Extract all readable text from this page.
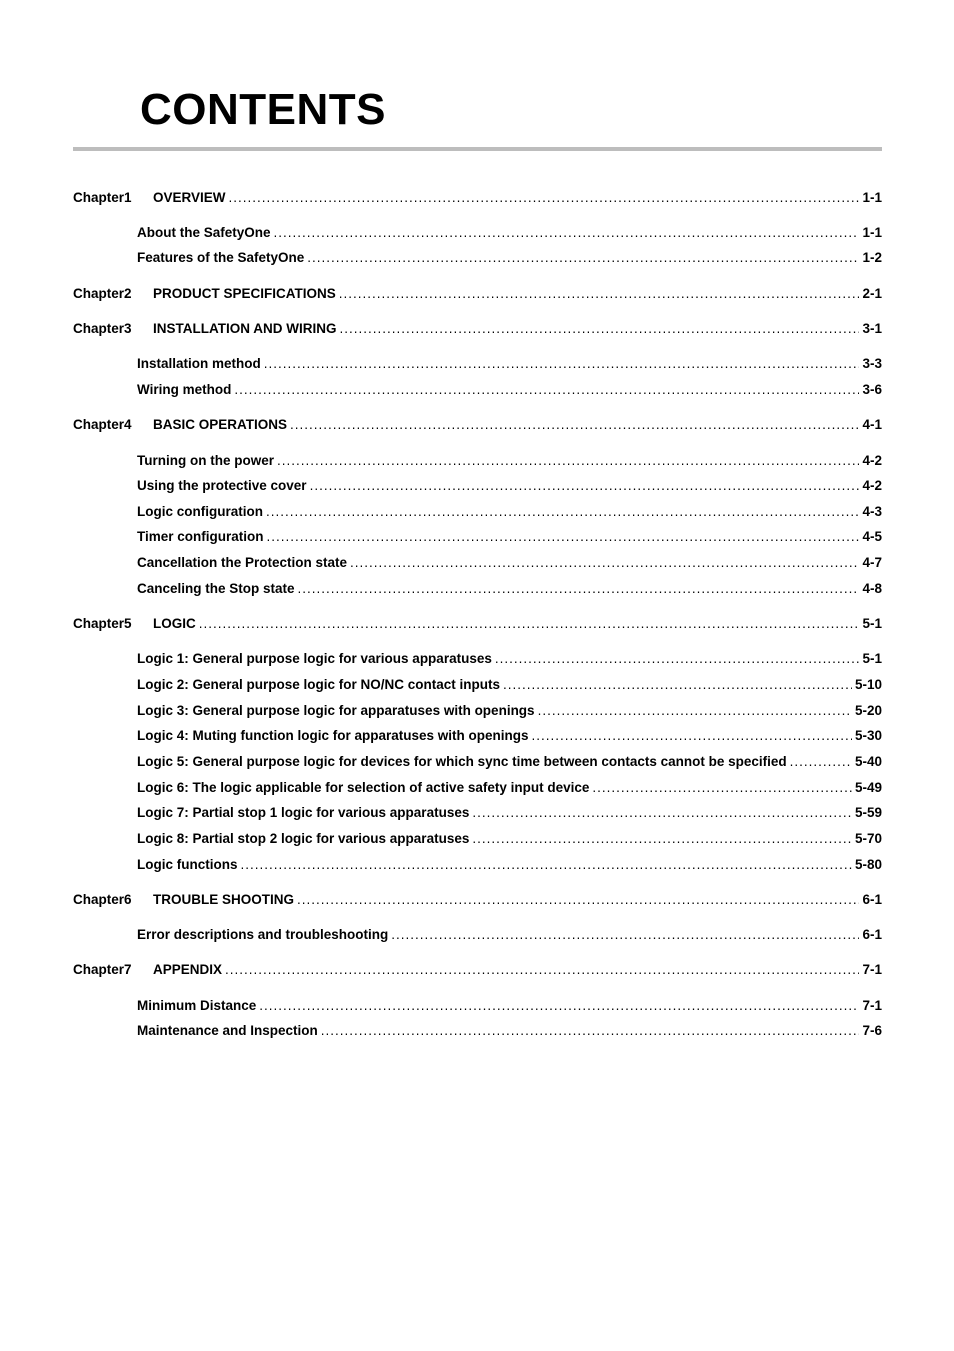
CONTENTS
Chapter1	OVERVIEW .....	1-1
About the SafetyOne .....	1-1
Features of the SafetyOne .....	1-2
Chapter2	PRODUCT SPECIFICATIONS .....	2-1
Chapter3	INSTALLATION AND WIRING .....	3-1
Installation method .....	3-3
Wiring method .....	3-6
Chapter4	BASIC OPERATIONS .....	4-1
Turning on the power .....	4-2
Using the protective cover .....	4-2
Logic configuration .....	4-3
Timer configuration .....	4-5
Cancellation the Protection state .....	4-7
Canceling the Stop state .....	4-8
Chapter5	LOGIC .....	5-1
Logic 1: General purpose logic for various apparatuses .....	5-1
Logic 2: General purpose logic for NO/NC contact inputs .....	5-10
Logic 3: General purpose logic for apparatuses with openings .....	5-20
Logic 4: Muting function logic for apparatuses with openings .....	5-30
Logic 5: General purpose logic for devices for which sync time between contacts cannot be specified .....	5-40
Logic 6: The logic applicable for selection of active safety input device .....	5-49
Logic 7: Partial stop 1 logic for various apparatuses .....	5-59
Logic 8: Partial stop 2 logic for various apparatuses .....	5-70
Logic functions .....	5-80
Chapter6	TROUBLE SHOOTING .....	6-1
Error descriptions and troubleshooting .....	6-1
Chapter7	APPENDIX .....	7-1
Minimum Distance .....	7-1
Maintenance and Inspection .....	7-6
